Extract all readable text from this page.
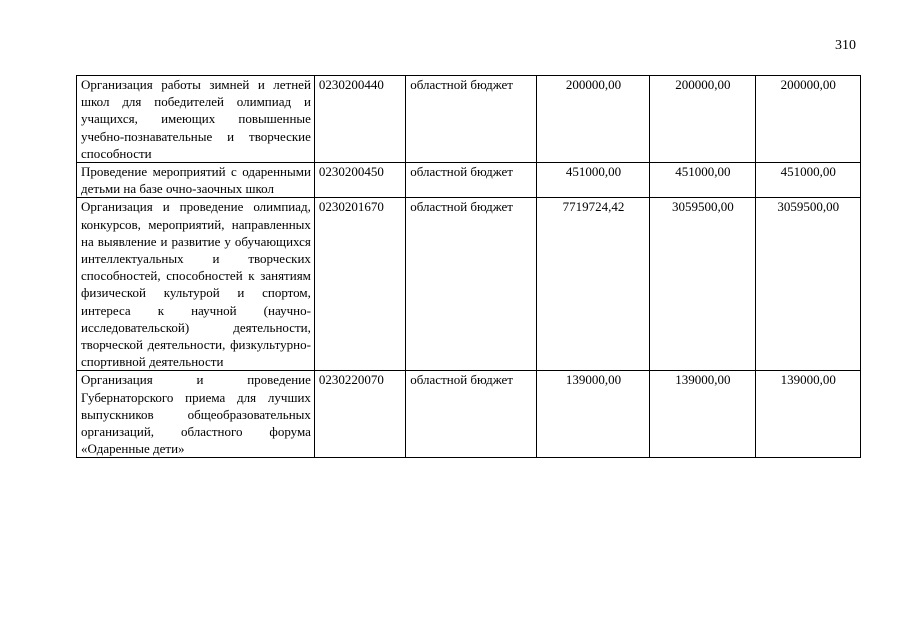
310
Организация работы зимней и летней школ для победителей олимпиад и учащихся, имеющих повышенные учебно-познавательные и творческие способности	0230200440	областной бюджет	200000,00	200000,00	200000,00
Проведение мероприятий с одаренными детьми на базе очно-заочных школ	0230200450	областной бюджет	451000,00	451000,00	451000,00
Организация и проведение олимпиад, конкурсов, мероприятий, направленных на выявление и развитие у обучающихся интеллектуальных и творческих способностей, способностей к занятиям физической культурой и спортом, интереса к научной (научно-исследовательской) деятельности, творческой деятельности, физкультурно-спортивной деятельности	0230201670	областной бюджет	7719724,42	3059500,00	3059500,00
Организация и проведение Губернаторского приема для лучших выпускников общеобразовательных организаций, областного форума «Одаренные дети»	0230220070	областной бюджет	139000,00	139000,00	139000,00
